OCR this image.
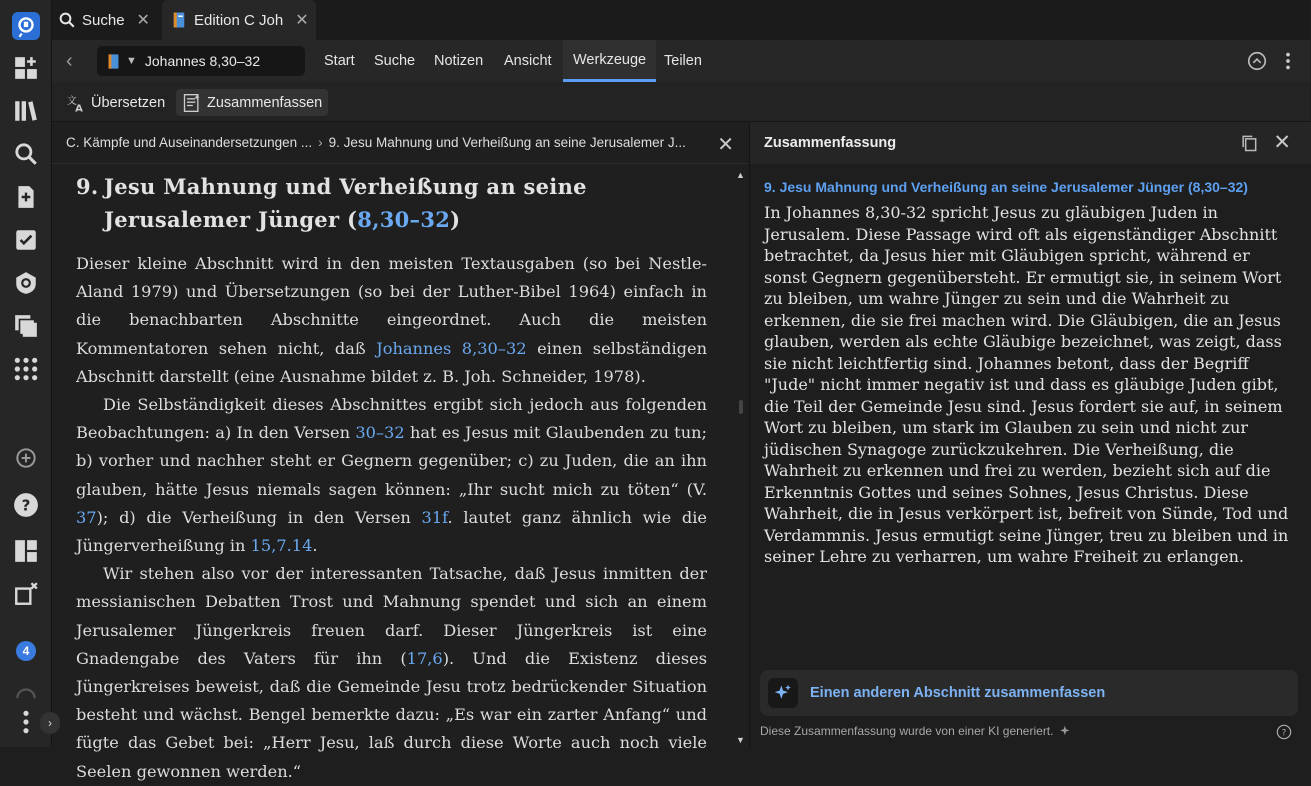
?
4
›
Suche ✕	Edition C Joh ✕
‹	▼ Johannes 8,30–32	Start Suche Notizen Ansicht	Werkzeuge	Teilen
文
A Übersetzen	Zusammenfassen
C. Kämpfe und Auseinandersetzungen ... › 9. Jesu Mahnung und Verheißung an seine Jerusalemer J... ✕
9. Jesu Mahnung und Verheißung an seine Jerusalemer Jünger (8,30–32)

Dieser kleine Abschnitt wird in den meisten Textausgaben (so bei Nestle-Aland 1979) und Übersetzungen (so bei der Luther-Bibel 1964) einfach in die benachbarten Abschnitte eingeordnet. Auch die meisten Kommentatoren sehen nicht, daß Johannes 8,30–32 einen selbständigen Abschnitt darstellt (eine Ausnahme bildet z. B. Joh. Schneider, 1978).

Die Selbständigkeit dieses Abschnittes ergibt sich jedoch aus folgenden Beobachtungen: a) In den Versen 30–32 hat es Jesus mit Glaubenden zu tun; b) vorher und nachher steht er Gegnern gegenüber; c) zu Juden, die an ihn glauben, hätte Jesus niemals sagen können: „Ihr sucht mich zu töten“ (V. 37); d) die Verheißung in den Versen 31f. lautet ganz ähnlich wie die Jüngerverheißung in 15,7.14.

Wir stehen also vor der interessanten Tatsache, daß Jesus inmitten der messianischen Debatten Trost und Mahnung spendet und sich an einem Jerusalemer Jüngerkreis freuen darf. Dieser Jüngerkreis ist eine Gnadengabe des Vaters für ihn (17,6). Und die Existenz dieses Jüngerkreises beweist, daß die Gemeinde Jesu trotz bedrückender Situation besteht und wächst. Bengel bemerkte dazu: „Es war ein zarter Anfang“ und fügte das Gebet bei: „Herr Jesu, laß durch diese Worte auch noch viele Seelen gewonnen werden.“

▲
▼
Zusammenfassung	✕
9. Jesu Mahnung und Verheißung an seine Jerusalemer Jünger (8,30–32)
In Johannes 8,30-32 spricht Jesus zu gläubigen Juden in Jerusalem. Diese Passage wird oft als eigenständiger Abschnitt betrachtet, da Jesus hier mit Gläubigen spricht, während er sonst Gegnern gegenübersteht. Er ermutigt sie, in seinem Wort zu bleiben, um wahre Jünger zu sein und die Wahrheit zu erkennen, die sie frei machen wird. Die Gläubigen, die an Jesus glauben, werden als echte Gläubige bezeichnet, was zeigt, dass sie nicht leichtfertig sind. Johannes betont, dass der Begriff "Jude" nicht immer negativ ist und dass es gläubige Juden gibt, die Teil der Gemeinde Jesu sind. Jesus fordert sie auf, in seinem Wort zu bleiben, um stark im Glauben zu sein und nicht zur jüdischen Synagoge zurückzukehren. Die Verheißung, die Wahrheit zu erkennen und frei zu werden, bezieht sich auf die Erkenntnis Gottes und seines Sohnes, Jesus Christus. Diese Wahrheit, die in Jesus verkörpert ist, befreit von Sünde, Tod und Verdammnis. Jesus ermutigt seine Jünger, treu zu bleiben und in seiner Lehre zu verharren, um wahre Freiheit zu erlangen.
Einen anderen Abschnitt zusammenfassen
Diese Zusammenfassung wurde von einer KI generiert.	?
